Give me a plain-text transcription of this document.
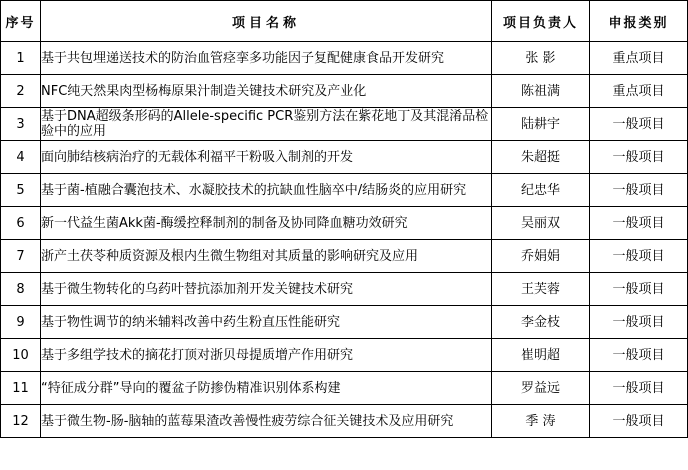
序号	项目名称	项目负责人	申报类别
1	基于共包埋递送技术的防治血管痉挛多功能因子复配健康食品开发研究	张 影	重点项目
2	NFC纯天然果肉型杨梅原果汁制造关键技术研究及产业化	陈祖满	重点项目
3	基于DNA超级条形码的Allele-specific PCR鉴别方法在紫花地丁及其混淆品检验中的应用	陆耕宇	一般项目
4	面向肺结核病治疗的无载体利福平干粉吸入制剂的开发	朱超挺	一般项目
5	基于菌-植融合囊泡技术、水凝胶技术的抗缺血性脑卒中/结肠炎的应用研究	纪忠华	一般项目
6	新一代益生菌Akk菌-酶缓控释制剂的制备及协同降血糖功效研究	吴丽双	一般项目
7	浙产土茯苓种质资源及根内生微生物组对其质量的影响研究及应用	乔娟娟	一般项目
8	基于微生物转化的乌药叶替抗添加剂开发关键技术研究	王芙蓉	一般项目
9	基于物性调节的纳米辅料改善中药生粉直压性能研究	李金枝	一般项目
10	基于多组学技术的摘花打顶对浙贝母提质增产作用研究	崔明超	一般项目
11	“特征成分群”导向的覆盆子防掺伪精准识别体系构建	罗益远	一般项目
12	基于微生物-肠-脑轴的蓝莓果渣改善慢性疲劳综合征关键技术及应用研究	季 涛	一般项目
